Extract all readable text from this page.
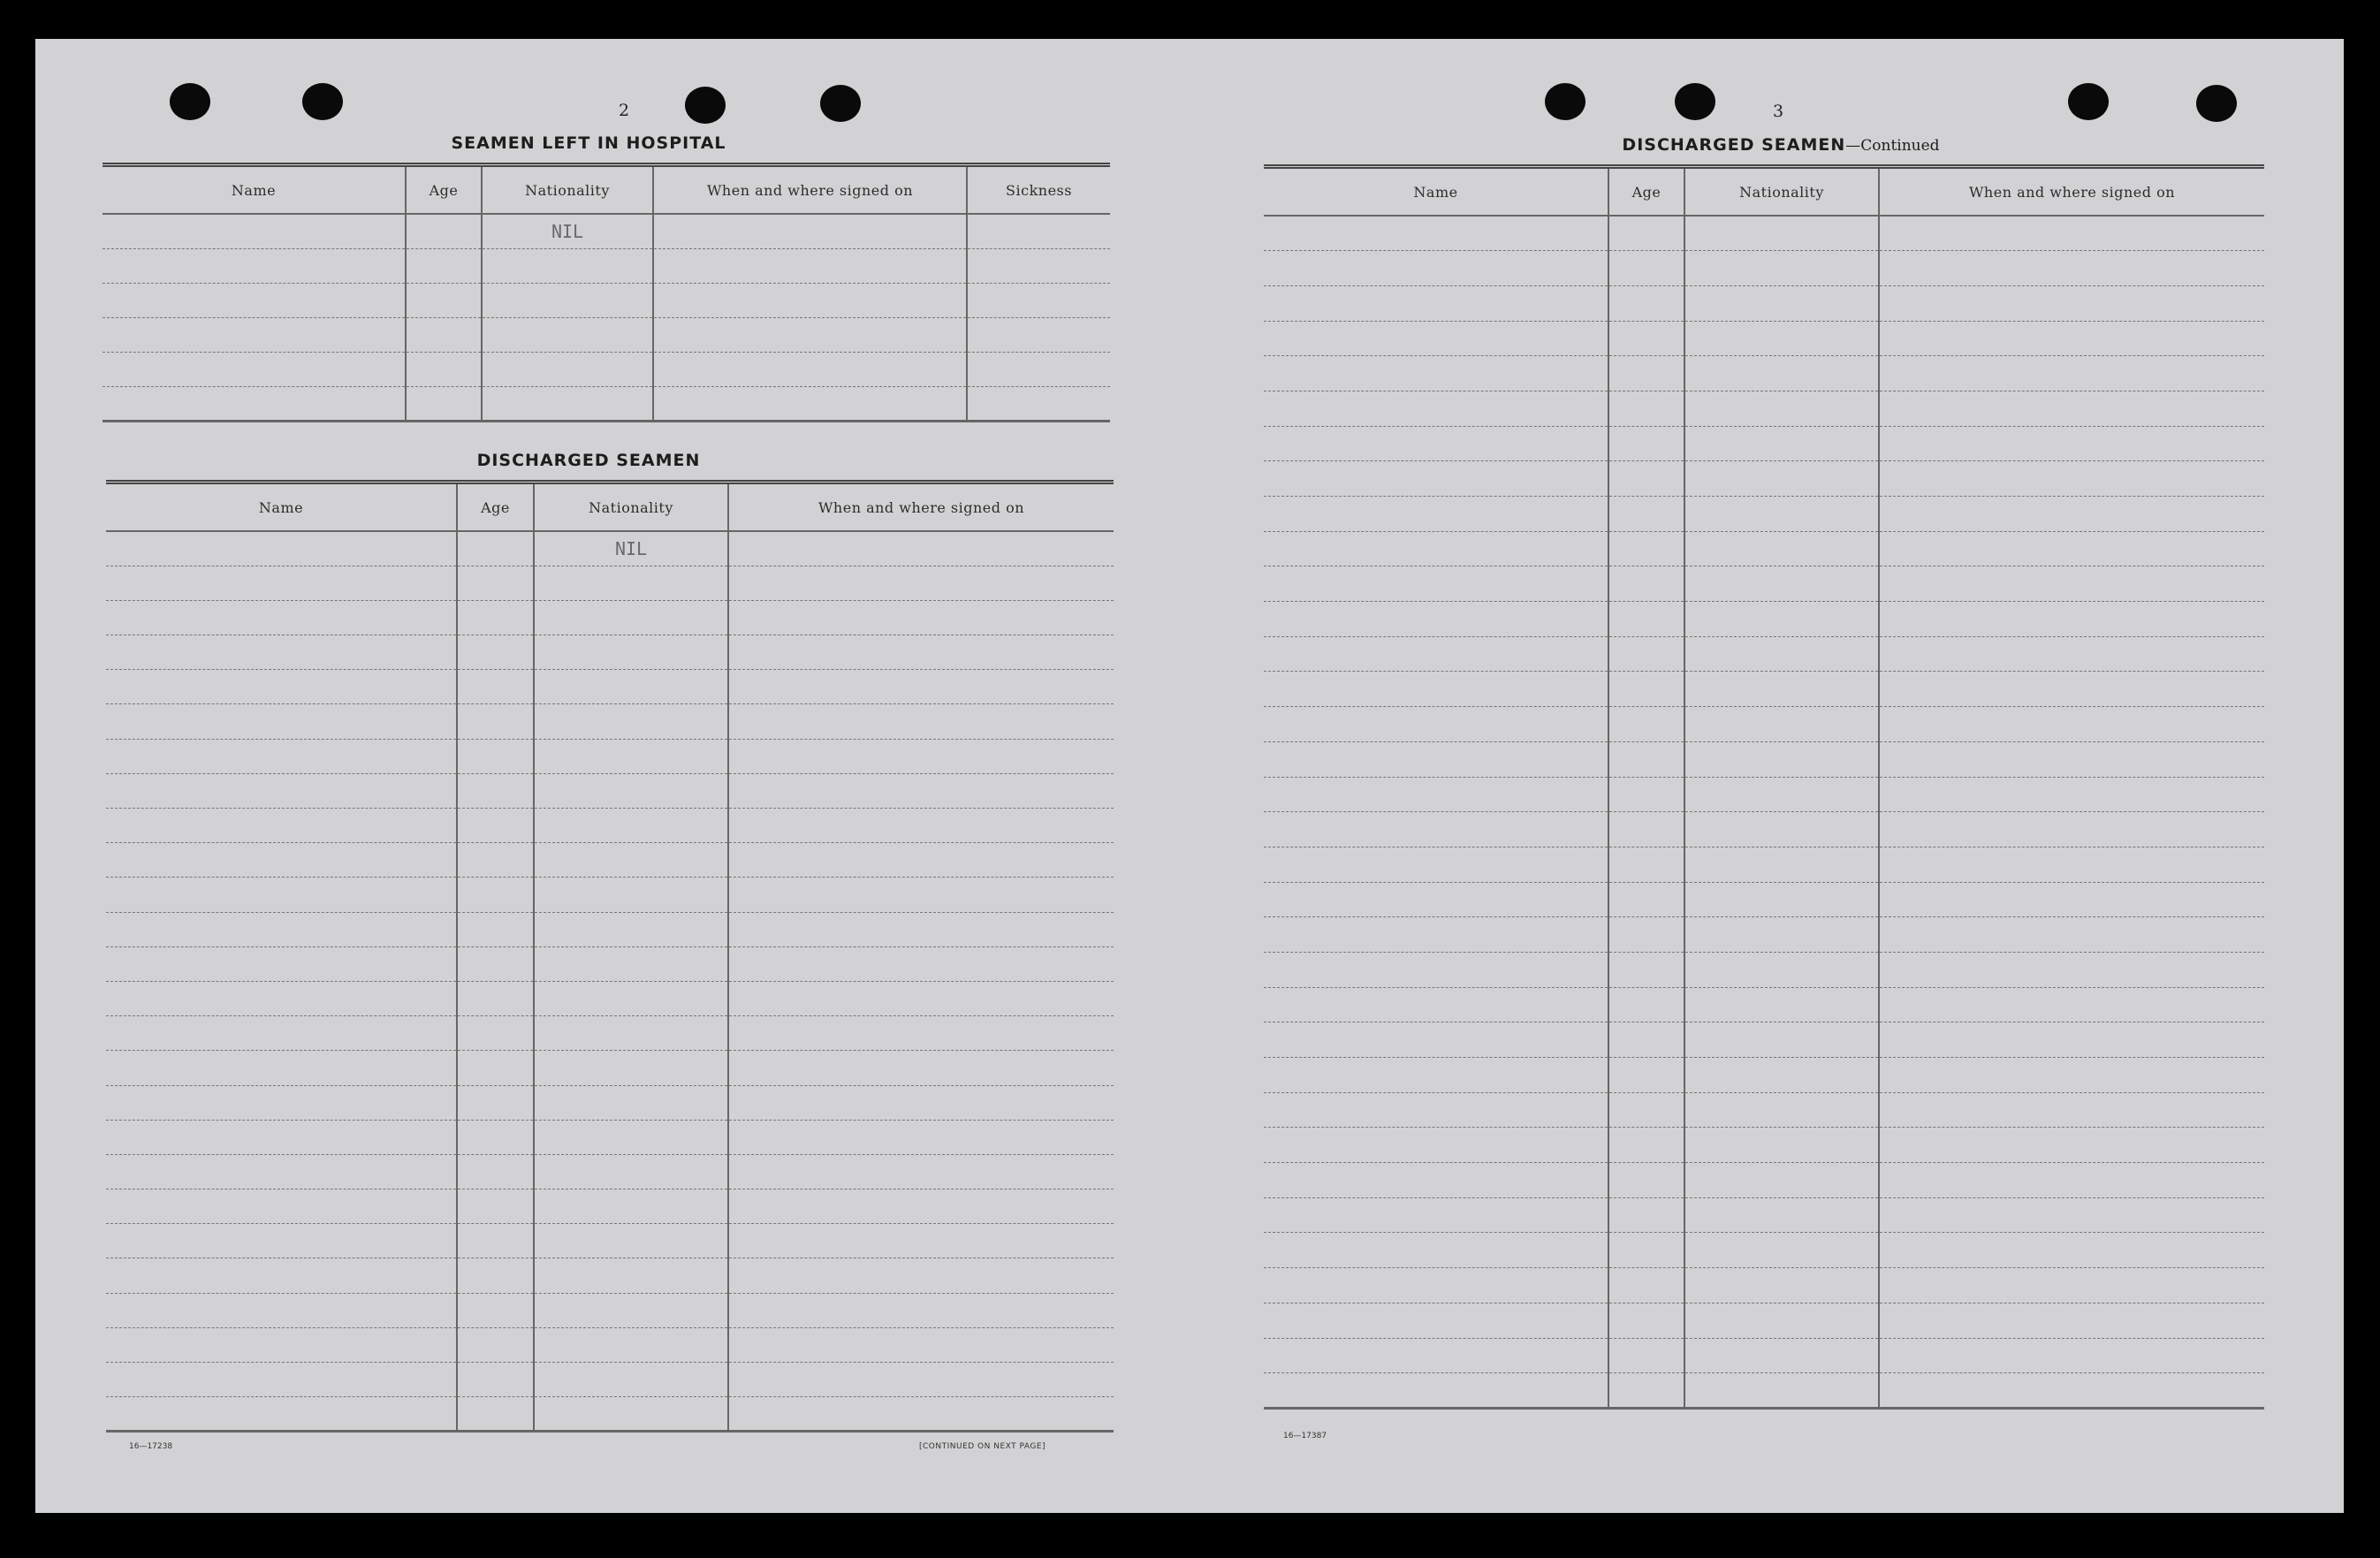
2
SEAMEN LEFT IN HOSPITAL
Name	Age	Nationality	When and where signed on	Sickness
		NIL		

DISCHARGED SEAMEN
Name	Age	Nationality	When and where signed on
		NIL	

16—17238	[CONTINUED ON NEXT PAGE]
3
DISCHARGED SEAMEN—Continued
Name	Age	Nationality	When and where signed on

16—17387
